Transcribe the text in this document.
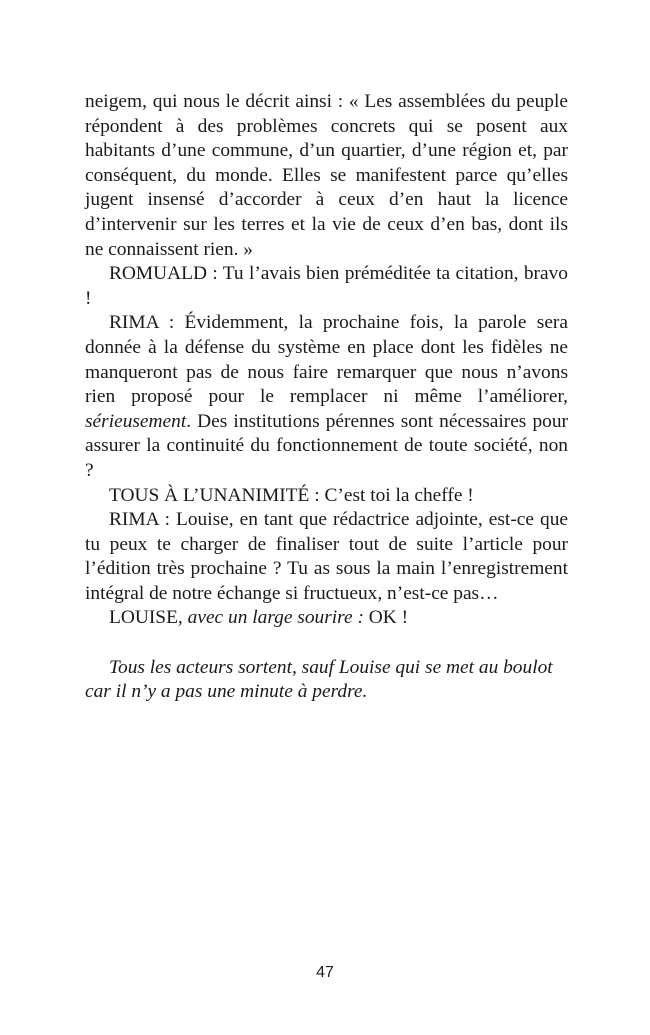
neigem, qui nous le décrit ainsi : « Les assemblées du peuple répondent à des problèmes concrets qui se posent aux habitants d’une commune, d’un quartier, d’une région et, par conséquent, du monde. Elles se manifestent parce qu’elles jugent insensé d’accorder à ceux d’en haut la licence d’intervenir sur les terres et la vie de ceux d’en bas, dont ils ne connaissent rien. »

ROMUALD : Tu l’avais bien préméditée ta citation, bravo !

RIMA : Évidemment, la prochaine fois, la parole sera donnée à la défense du système en place dont les fidèles ne manqueront pas de nous faire remarquer que nous n’avons rien proposé pour le remplacer ni même l’améliorer, sérieusement. Des institutions pérennes sont nécessaires pour assurer la continuité du fonctionnement de toute société, non ?

TOUS À L’UNANIMITÉ : C’est toi la cheffe !

RIMA : Louise, en tant que rédactrice adjointe, est-ce que tu peux te charger de finaliser tout de suite l’article pour l’édition très prochaine ? Tu as sous la main l’enregistrement intégral de notre échange si fructueux, n’est-ce pas…

LOUISE, avec un large sourire : OK !

Tous les acteurs sortent, sauf Louise qui se met au boulot car il n’y a pas une minute à perdre.

47
